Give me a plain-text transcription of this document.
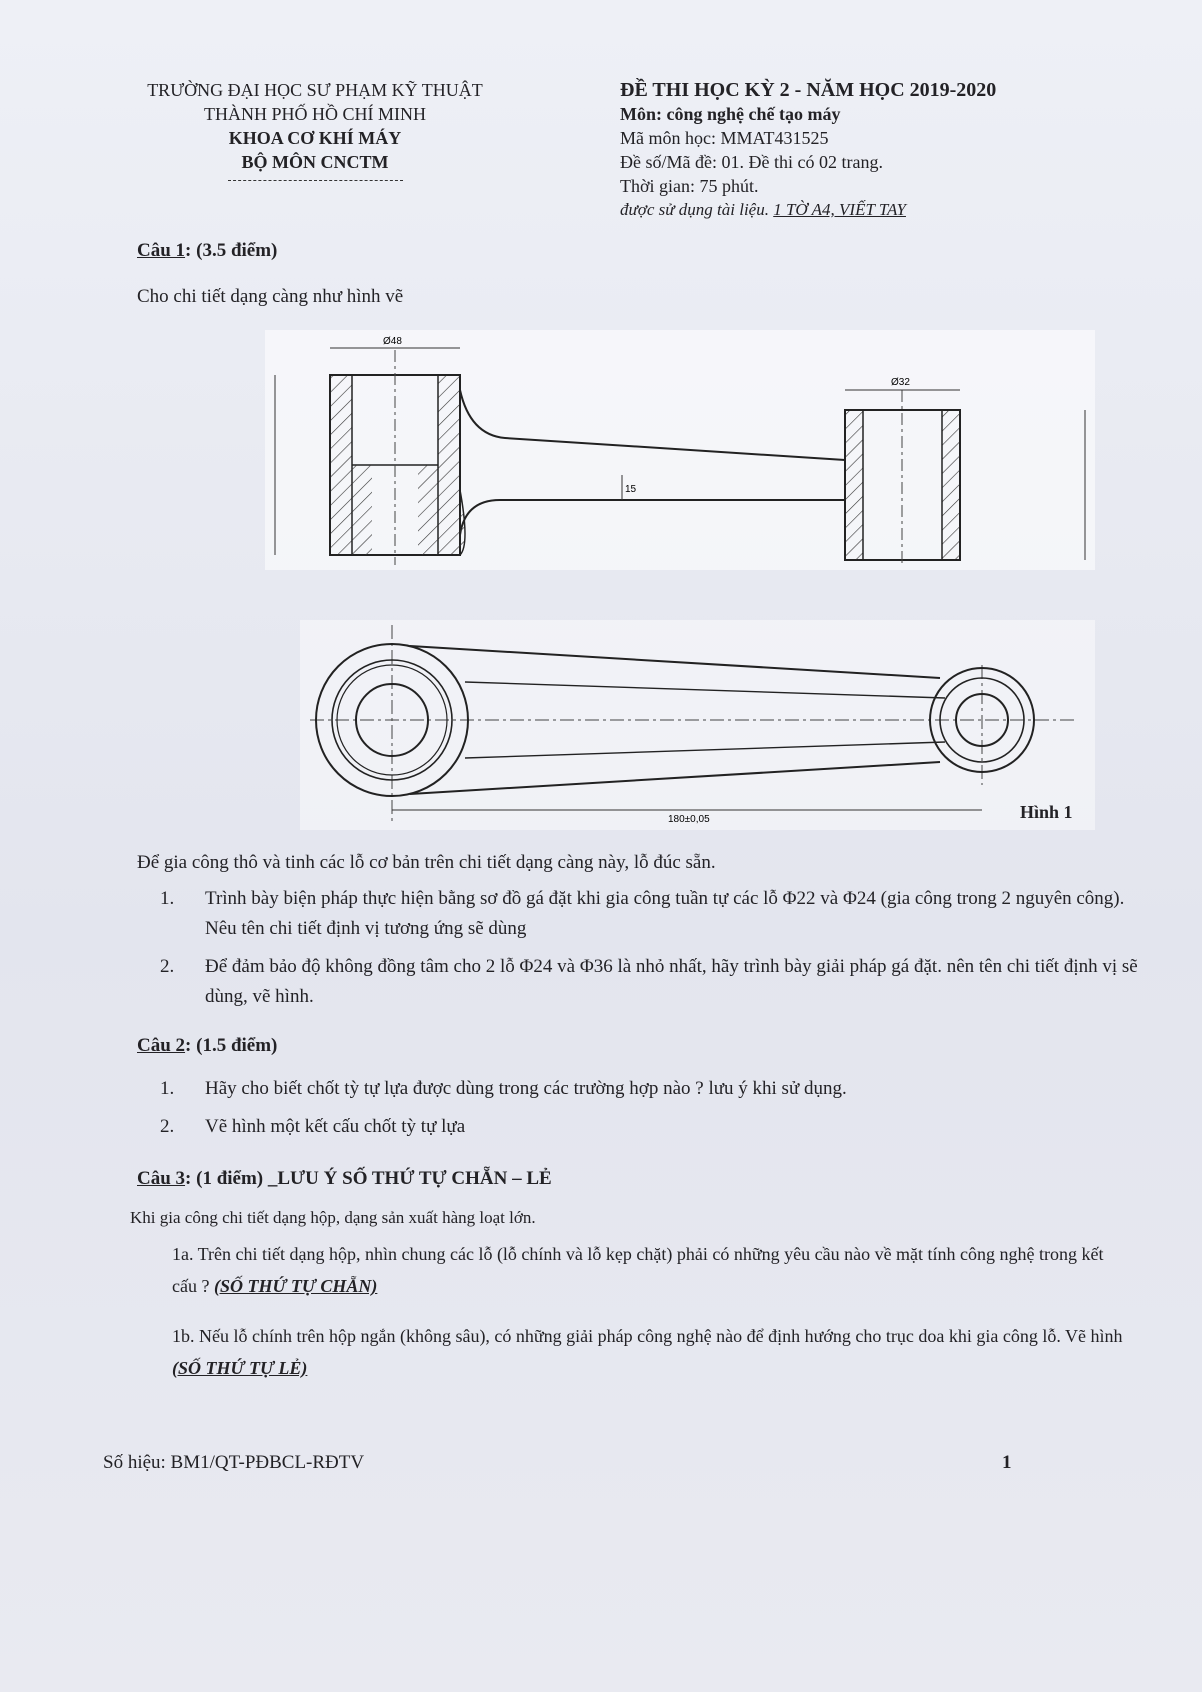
TRƯỜNG ĐẠI HỌC SƯ PHẠM KỸ THUẬT
THÀNH PHỐ HỒ CHÍ MINH
KHOA CƠ KHÍ MÁY
BỘ MÔN CNCTM
ĐỀ THI HỌC KỲ 2 - NĂM HỌC 2019-2020
Môn: công nghệ chế tạo máy
Mã môn học: MMAT431525
Đề số/Mã đề: 01. Đề thi có 02 trang.
Thời gian: 75 phút.
được sử dụng tài liệu. 1 TỜ A4, VIẾT TAY
Câu 1: (3.5 điểm)
Cho chi tiết dạng càng như hình vẽ
Ø48
Ø32
15
180±0,05	Hình 1
Để gia công thô và tinh các lỗ cơ bản trên chi tiết dạng càng này, lỗ đúc sẵn.
1.	Trình bày biện pháp thực hiện bằng sơ đồ gá đặt khi gia công tuần tự các lỗ Φ22 và Φ24 (gia công trong 2 nguyên công). Nêu tên chi tiết định vị tương ứng sẽ dùng
2.	Để đảm bảo độ không đồng tâm cho 2 lỗ Φ24 và Φ36 là nhỏ nhất, hãy trình bày giải pháp gá đặt. nên tên chi tiết định vị sẽ dùng, vẽ hình.
Câu 2: (1.5 điểm)
1.	Hãy cho biết chốt tỳ tự lựa được dùng trong các trường hợp nào ? lưu ý khi sử dụng.
2.	Vẽ hình một kết cấu chốt tỳ tự lựa
Câu 3: (1 điểm) _LƯU Ý SỐ THỨ TỰ CHẴN – LẺ
Khi gia công chi tiết dạng hộp, dạng sản xuất hàng loạt lớn.
1a. Trên chi tiết dạng hộp, nhìn chung các lỗ (lỗ chính và lỗ kẹp chặt) phải có những yêu cầu nào về mặt tính công nghệ trong kết cấu ? (SỐ THỨ TỰ CHẴN)
1b. Nếu lỗ chính trên hộp ngắn (không sâu), có những giải pháp công nghệ nào để định hướng cho trục doa khi gia công lỗ. Vẽ hình (SỐ THỨ TỰ LẺ)
Số hiệu: BM1/QT-PĐBCL-RĐTV	1
